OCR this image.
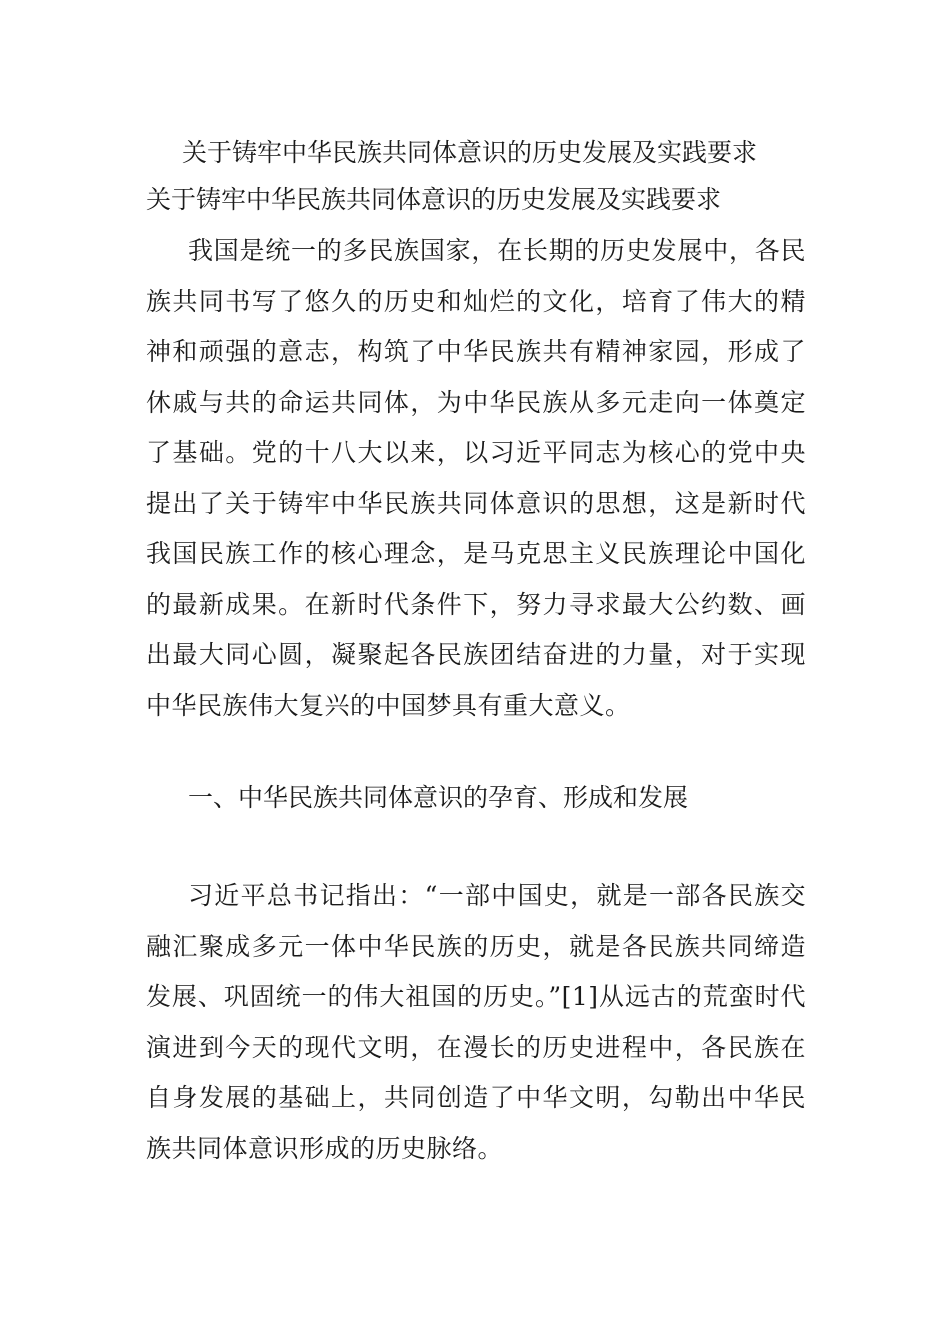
关于铸牢中华民族共同体意识的历史发展及实践要求
关于铸牢中华民族共同体意识的历史发展及实践要求
我国是统一的多民族国家，在长期的历史发展中，各民族共同书写了悠久的历史和灿烂的文化，培育了伟大的精神和顽强的意志，构筑了中华民族共有精神家园，形成了休戚与共的命运共同体，为中华民族从多元走向一体奠定了基础。党的十八大以来，以习近平同志为核心的党中央提出了关于铸牢中华民族共同体意识的思想，这是新时代我国民族工作的核心理念，是马克思主义民族理论中国化的最新成果。在新时代条件下，努力寻求最大公约数、画出最大同心圆，凝聚起各民族团结奋进的力量，对于实现中华民族伟大复兴的中国梦具有重大意义。
一、中华民族共同体意识的孕育、形成和发展
习近平总书记指出：“一部中国史，就是一部各民族交融汇聚成多元一体中华民族的历史，就是各民族共同缔造发展、巩固统一的伟大祖国的历史。”[1]从远古的荒蛮时代演进到今天的现代文明，在漫长的历史进程中，各民族在自身发展的基础上，共同创造了中华文明，勾勒出中华民族共同体意识形成的历史脉络。
